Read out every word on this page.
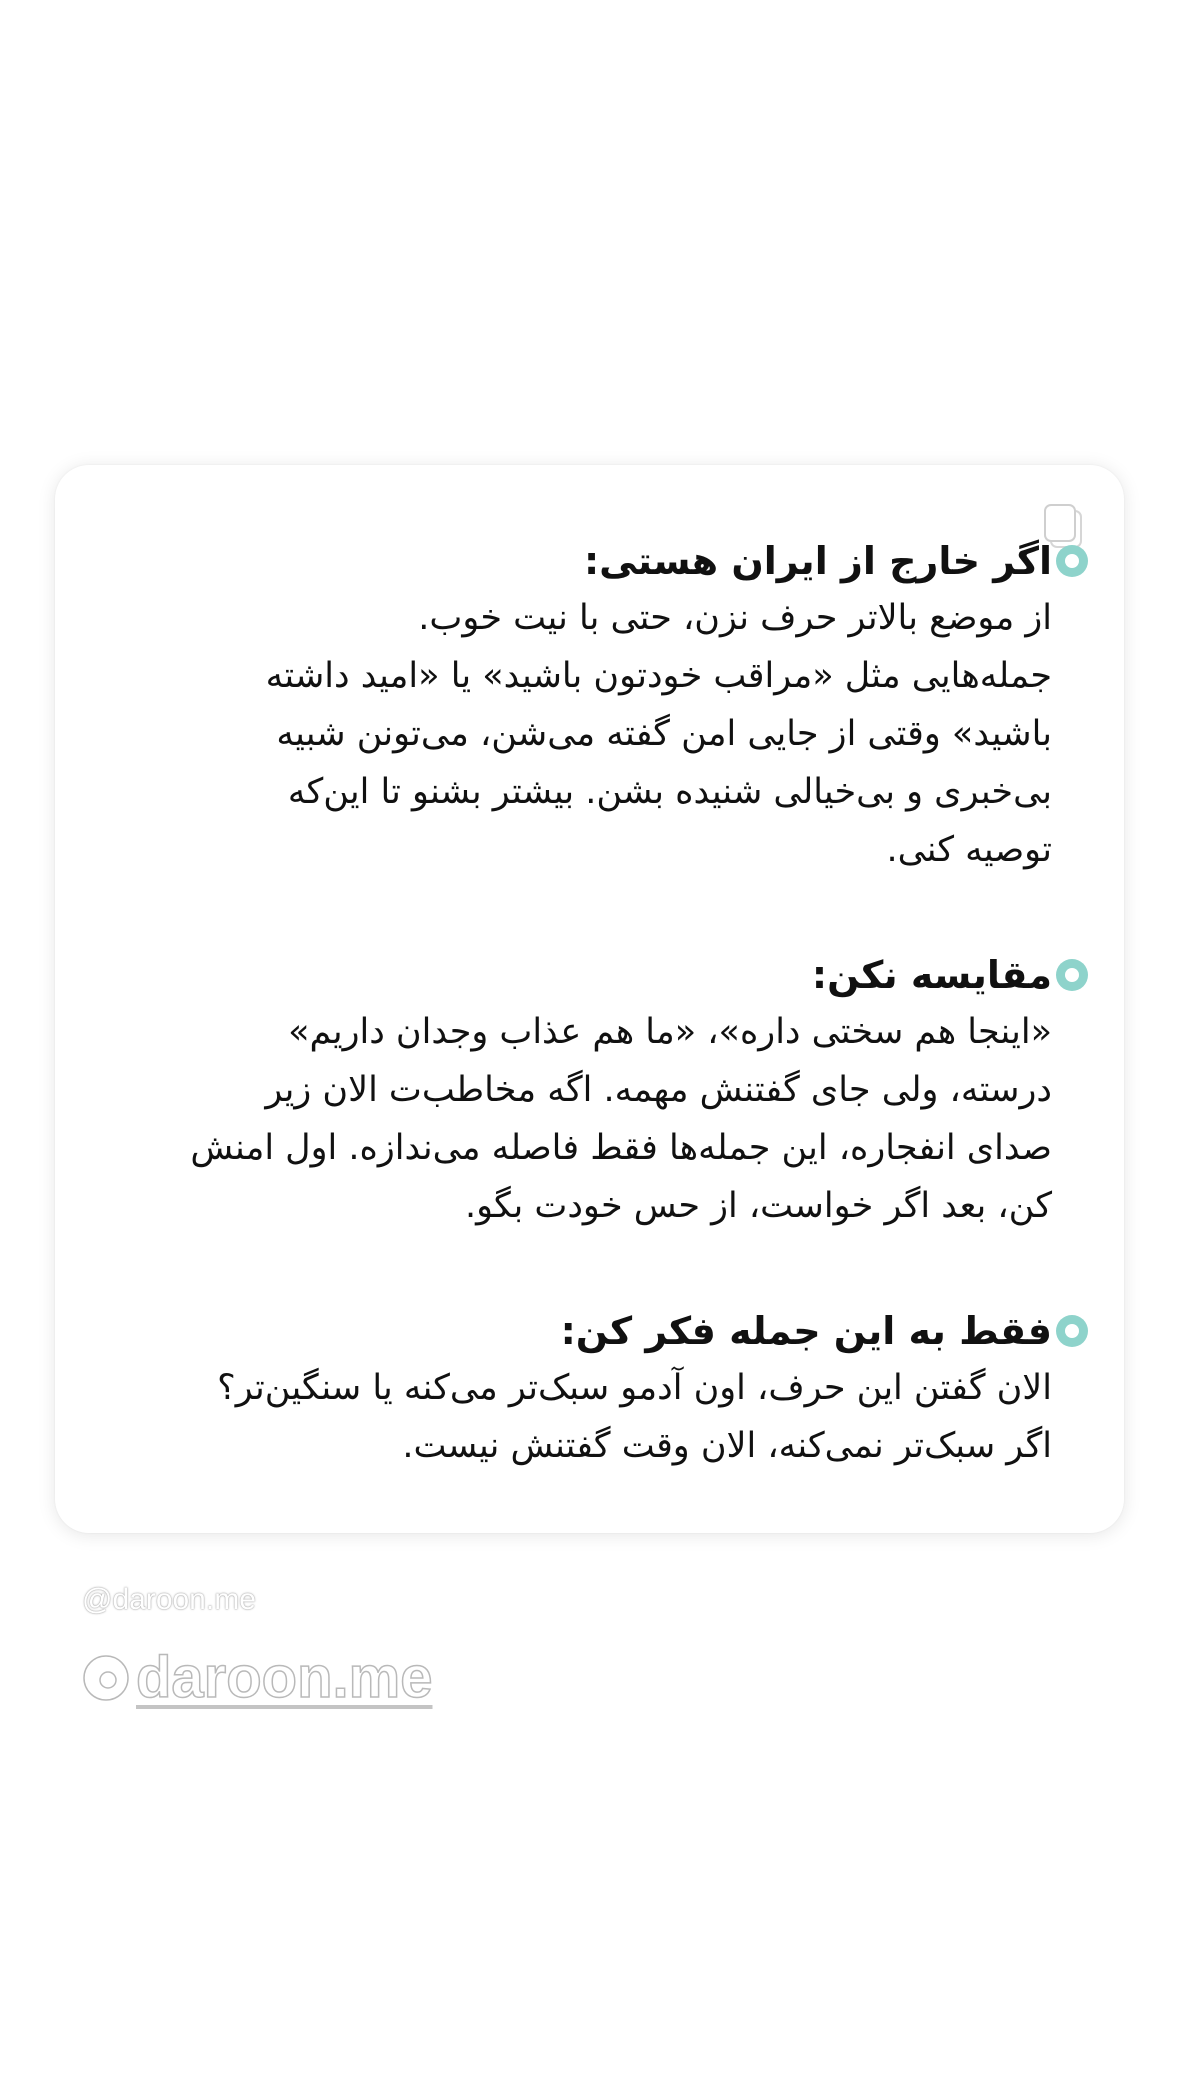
اگر خارج از ایران هستی:
از موضع بالاتر حرف نزن، حتی با نیت خوب.
جمله‌هایی مثل «مراقب خودتون باشید» یا «امید داشته
باشید» وقتی از جایی امن گفته می‌شن، می‌تونن شبیه
بی‌خبری و بی‌خیالی شنیده بشن. بیشتر بشنو تا این‌که
توصیه کنی.
مقایسه نکن:
«اینجا هم سختی داره»، «ما هم عذاب وجدان داریم»
درسته، ولی جای گفتنش مهمه. اگه مخاطب‌ت الان زیر
صدای انفجاره، این جمله‌ها فقط فاصله می‌ندازه. اول امنش
کن، بعد اگر خواست، از حس خودت بگو.
فقط به این جمله فکر کن:
الان گفتن این حرف، اون آدمو سبک‌تر می‌کنه یا سنگین‌تر؟
اگر سبک‌تر نمی‌کنه، الان وقت گفتنش نیست.
@daroon.me
daroon.me
